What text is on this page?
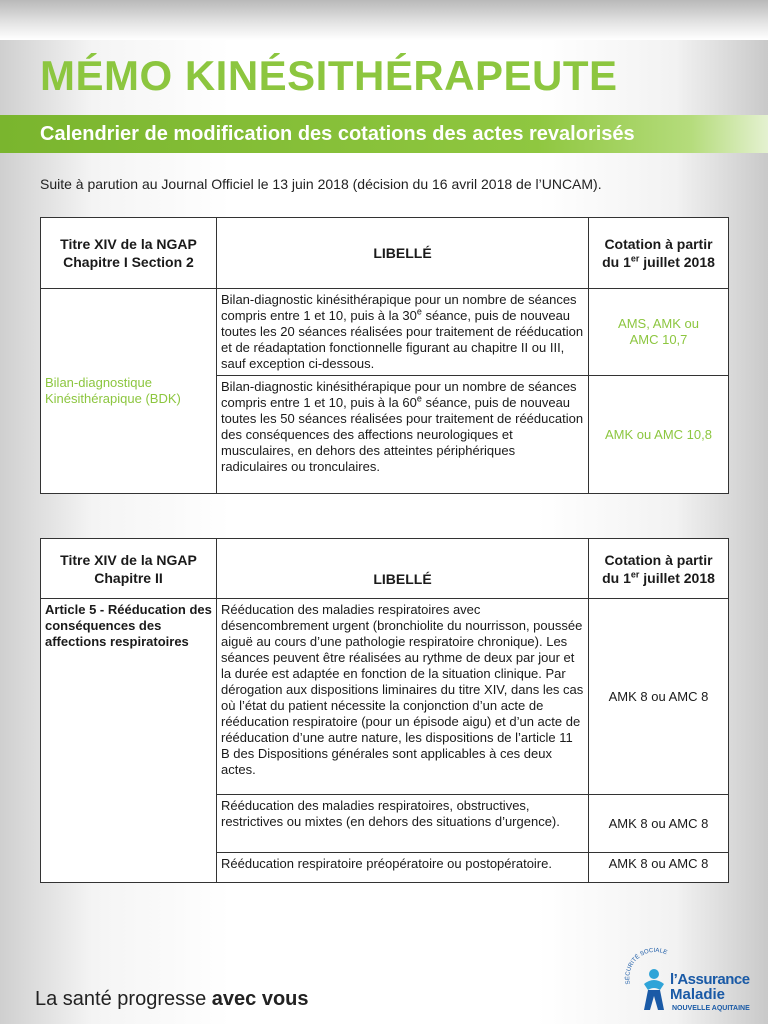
MÉMO KINÉSITHÉRAPEUTE
Calendrier de modification des cotations des actes revalorisés
Suite à parution au Journal Officiel le 13 juin 2018 (décision du 16 avril 2018 de l’UNCAM).
Titre XIV de la NGAP
Chapitre I Section 2	LIBELLÉ	Cotation à partir
du 1er juillet 2018
Bilan-diagnostique
Kinésithérapique (BDK)	Bilan-diagnostic kinésithérapique pour un nombre de séances compris entre 1 et 10, puis à la 30e séance, puis de nouveau toutes les 20 séances réalisées pour traitement de rééducation et de réadaptation fonctionnelle figurant au chapitre II ou III, sauf exception ci-dessous.	AMS, AMK ou
AMC 10,7
	Bilan-diagnostic kinésithérapique pour un nombre de séances compris entre 1 et 10, puis à la 60e séance, puis de nouveau toutes les 50 séances réalisées pour traitement de rééducation des conséquences des affections neurologiques et musculaires, en dehors des atteintes périphériques radiculaires ou tronculaires.	AMK ou AMC 10,8
Titre XIV de la NGAP
Chapitre II	LIBELLÉ	Cotation à partir
du 1er juillet 2018
Article 5 - Rééducation des conséquences des affections respiratoires	Rééducation des maladies respiratoires avec désencombrement urgent (bronchiolite du nourrisson, poussée aiguë au cours d’une pathologie respiratoire chronique). Les séances peuvent être réalisées au rythme de deux par jour et la durée est adaptée en fonction de la situation clinique. Par dérogation aux dispositions liminaires du titre XIV, dans les cas où l’état du patient nécessite la conjonction d’un acte de rééducation respiratoire (pour un épisode aigu) et d’un acte de rééducation d’une autre nature, les dispositions de l’article 11 B des Dispositions générales sont applicables à ces deux actes.	AMK 8 ou AMC 8
	Rééducation des maladies respiratoires, obstructives, restrictives ou mixtes (en dehors des situations d’urgence).	AMK 8 ou AMC 8
	Rééducation respiratoire préopératoire ou postopératoire.	AMK 8 ou AMC 8
La santé progresse avec vous
SÉCURITÉ SOCIALE
l’Assurance
Maladie
NOUVELLE AQUITAINE
